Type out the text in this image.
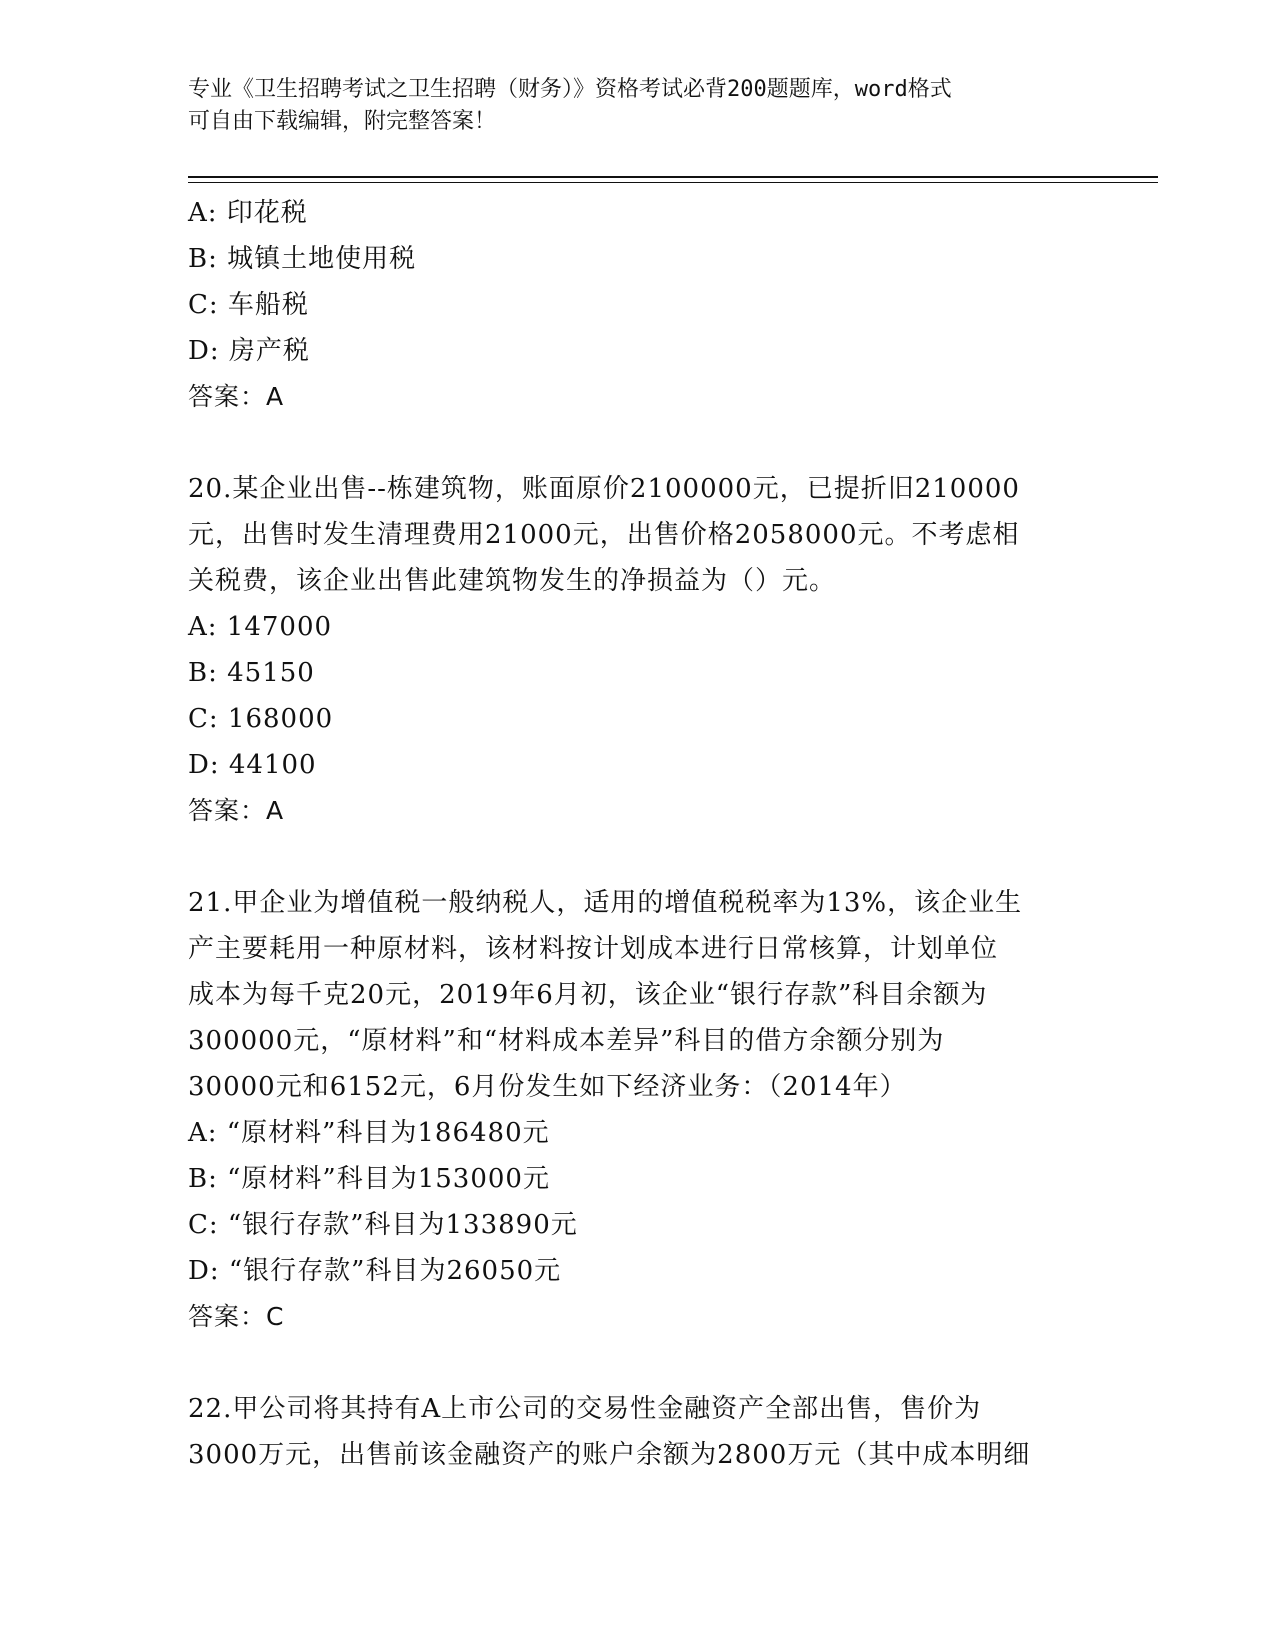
专业《卫生招聘考试之卫生招聘（财务）》资格考试必背200题题库，word格式
可自由下载编辑，附完整答案！
A: 印花税
B: 城镇土地使用税
C: 车船税
D: 房产税
答案：A
20.某企业出售--栋建筑物，账面原价2100000元，已提折旧210000
元，出售时发生清理费用21000元，出售价格2058000元。不考虑相
关税费，该企业出售此建筑物发生的净损益为（）元。
A: 147000
B: 45150
C: 168000
D: 44100
答案：A
21.甲企业为增值税一般纳税人，适用的增值税税率为13%，该企业生
产主要耗用一种原材料，该材料按计划成本进行日常核算，计划单位
成本为每千克20元，2019年6月初，该企业“银行存款”科目余额为
300000元，“原材料”和“材料成本差异”科目的借方余额分别为
30000元和6152元，6月份发生如下经济业务：（2014年）
A: “原材料”科目为186480元
B: “原材料”科目为153000元
C: “银行存款”科目为133890元
D: “银行存款”科目为26050元
答案：C
22.甲公司将其持有A上市公司的交易性金融资产全部出售，售价为
3000万元，出售前该金融资产的账户余额为2800万元（其中成本明细
